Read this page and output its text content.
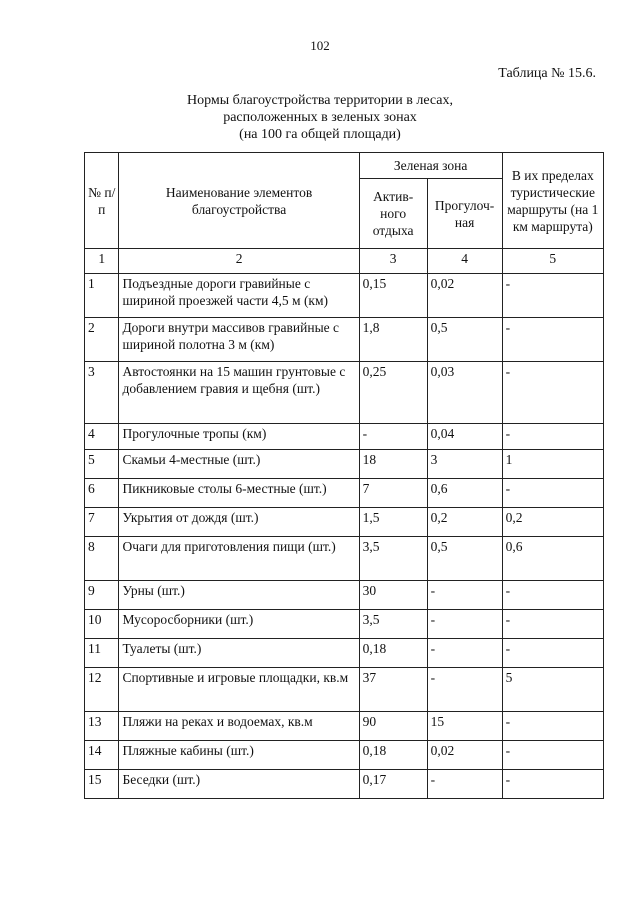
102
Таблица № 15.6.
Нормы благоустройства территории в лесах,
расположенных в зеленых зонах
(на 100 га общей площади)
№ п/п	Наименование элементов благоустройства	Зеленая зона		В их пределах туристические маршруты (на 1 км маршрута)
		Актив-ного отдыха	Прогулоч-ная	
1	2	3	4	5
1	Подъездные дороги гравийные с шириной проезжей части 4,5 м (км)	0,15	0,02	-
2	Дороги внутри массивов гравийные с шириной полотна 3 м (км)	1,8	0,5	-
3	Автостоянки на 15 машин грунтовые с добавлением гравия и щебня (шт.)	0,25	0,03	-
4	Прогулочные тропы (км)	-	0,04	-
5	Скамьи 4-местные (шт.)	18	3	1
6	Пикниковые столы 6-местные (шт.)	7	0,6	-
7	Укрытия от дождя (шт.)	1,5	0,2	0,2
8	Очаги для приготовления пищи (шт.)	3,5	0,5	0,6
9	Урны (шт.)	30	-	-
10	Мусоросборники (шт.)	3,5	-	-
11	Туалеты (шт.)	0,18	-	-
12	Спортивные и игровые площадки, кв.м	37	-	5
13	Пляжи на реках и водоемах, кв.м	90	15	-
14	Пляжные кабины (шт.)	0,18	0,02	-
15	Беседки (шт.)	0,17	-	-
